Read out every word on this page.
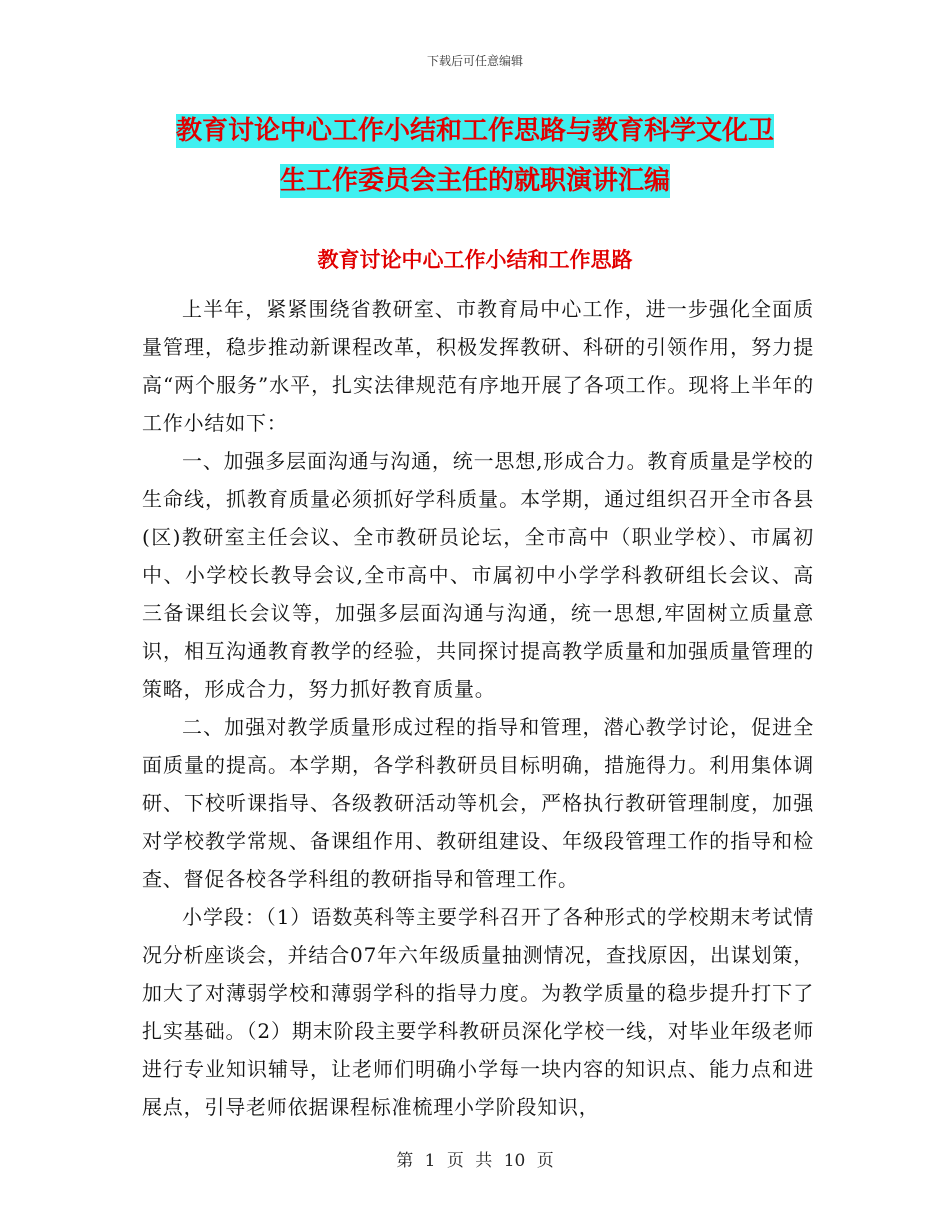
下载后可任意编辑
教育讨论中心工作小结和工作思路与教育科学文化卫
生工作委员会主任的就职演讲汇编
教育讨论中心工作小结和工作思路

上半年，紧紧围绕省教研室、市教育局中心工作，进一步强化全面质量管理，稳步推动新课程改革，积极发挥教研、科研的引领作用，努力提高“两个服务”水平，扎实法律规范有序地开展了各项工作。现将上半年的工作小结如下：

一、加强多层面沟通与沟通，统一思想,形成合力。教育质量是学校的生命线，抓教育质量必须抓好学科质量。本学期，通过组织召开全市各县(区)教研室主任会议、全市教研员论坛，全市高中（职业学校）、市属初中、小学校长教导会议,全市高中、市属初中小学学科教研组长会议、高三备课组长会议等，加强多层面沟通与沟通，统一思想,牢固树立质量意识，相互沟通教育教学的经验，共同探讨提高教学质量和加强质量管理的策略，形成合力，努力抓好教育质量。

二、加强对教学质量形成过程的指导和管理，潜心教学讨论，促进全面质量的提高。本学期，各学科教研员目标明确，措施得力。利用集体调研、下校听课指导、各级教研活动等机会，严格执行教研管理制度，加强对学校教学常规、备课组作用、教研组建设、年级段管理工作的指导和检查、督促各校各学科组的教研指导和管理工作。

小学段：（1）语数英科等主要学科召开了各种形式的学校期末考试情况分析座谈会，并结合07年六年级质量抽测情况，查找原因，出谋划策，加大了对薄弱学校和薄弱学科的指导力度。为教学质量的稳步提升打下了扎实基础。（2）期末阶段主要学科教研员深化学校一线，对毕业年级老师进行专业知识辅导，让老师们明确小学每一块内容的知识点、能力点和进展点，引导老师依据课程标准梳理小学阶段知识，

第 1 页 共 10 页
